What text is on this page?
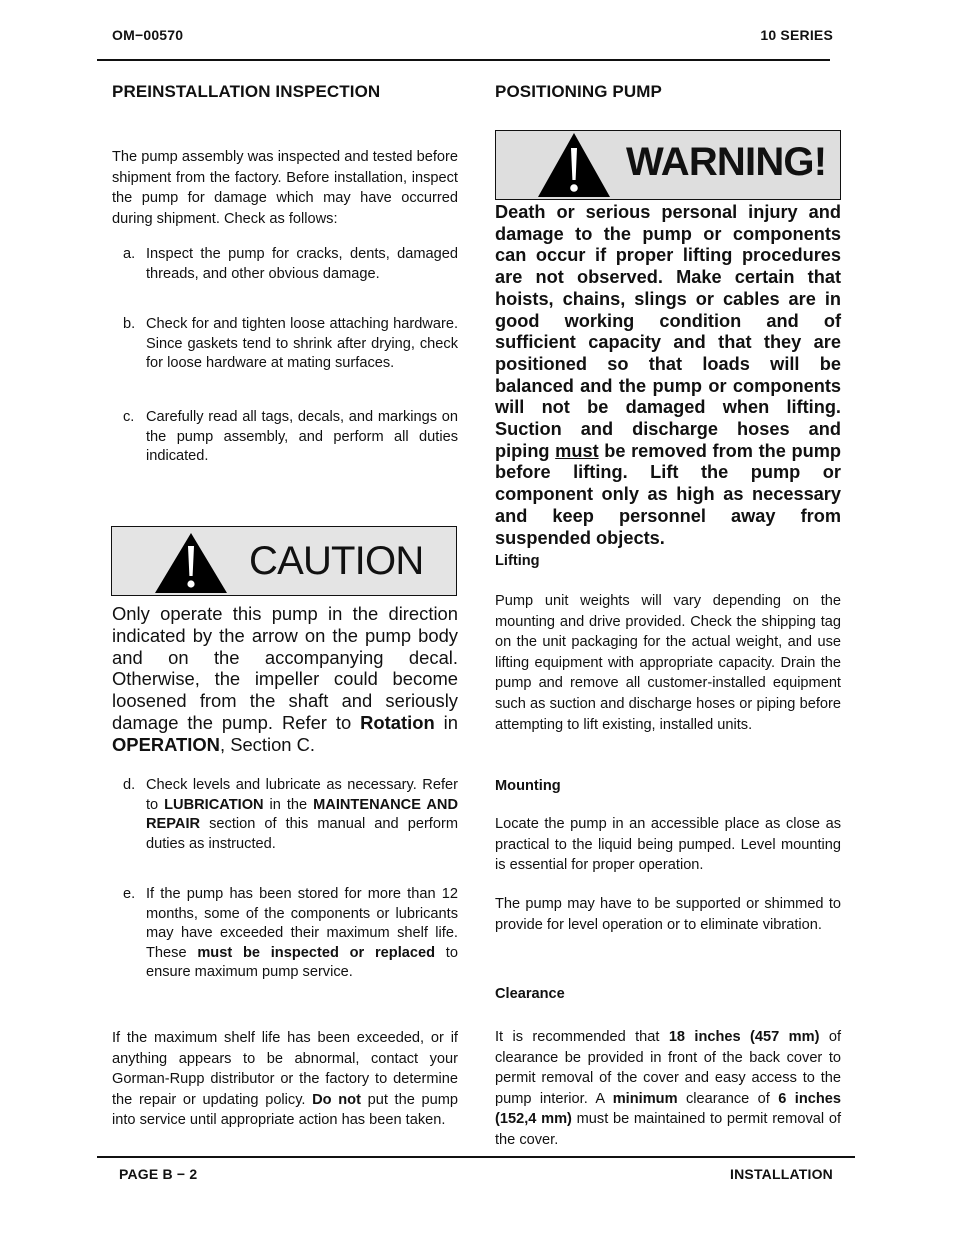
OM−00570	10 SERIES
PREINSTALLATION INSPECTION

The pump assembly was inspected and tested before shipment from the factory. Before installation, inspect the pump for damage which may have occurred during shipment. Check as follows:

a. Inspect the pump for cracks, dents, damaged threads, and other obvious damage.
b. Check for and tighten loose attaching hardware. Since gaskets tend to shrink after drying, check for loose hardware at mating surfaces.
c. Carefully read all tags, decals, and markings on the pump assembly, and perform all duties indicated.
CAUTION
Only operate this pump in the direction indicated by the arrow on the pump body and on the accompanying decal. Otherwise, the impeller could become loosened from the shaft and seriously damage the pump. Refer to Rotation in OPERATION, Section C.
d. Check levels and lubricate as necessary. Refer to LUBRICATION in the MAINTENANCE AND REPAIR section of this manual and perform duties as instructed.
e. If the pump has been stored for more than 12 months, some of the components or lubricants may have exceeded their maximum shelf life. These must be inspected or replaced to ensure maximum pump service.

If the maximum shelf life has been exceeded, or if anything appears to be abnormal, contact your Gorman-Rupp distributor or the factory to determine the repair or updating policy. Do not put the pump into service until appropriate action has been taken.

POSITIONING PUMP
WARNING!
Death or serious personal injury and damage to the pump or components can occur if proper lifting procedures are not observed. Make certain that hoists, chains, slings or cables are in good working condition and of sufficient capacity and that they are positioned so that loads will be balanced and the pump or components will not be damaged when lifting. Suction and discharge hoses and piping must be removed from the pump before lifting. Lift the pump or component only as high as necessary and keep personnel away from suspended objects.
Lifting

Pump unit weights will vary depending on the mounting and drive provided. Check the shipping tag on the unit packaging for the actual weight, and use lifting equipment with appropriate capacity. Drain the pump and remove all customer-installed equipment such as suction and discharge hoses or piping before attempting to lift existing, installed units.

Mounting

Locate the pump in an accessible place as close as practical to the liquid being pumped. Level mounting is essential for proper operation.

The pump may have to be supported or shimmed to provide for level operation or to eliminate vibration.

Clearance

It is recommended that 18 inches (457 mm) of clearance be provided in front of the back cover to permit removal of the cover and easy access to the pump interior. A minimum clearance of 6 inches (152,4 mm) must be maintained to permit removal of the cover.

PAGE B − 2	INSTALLATION
